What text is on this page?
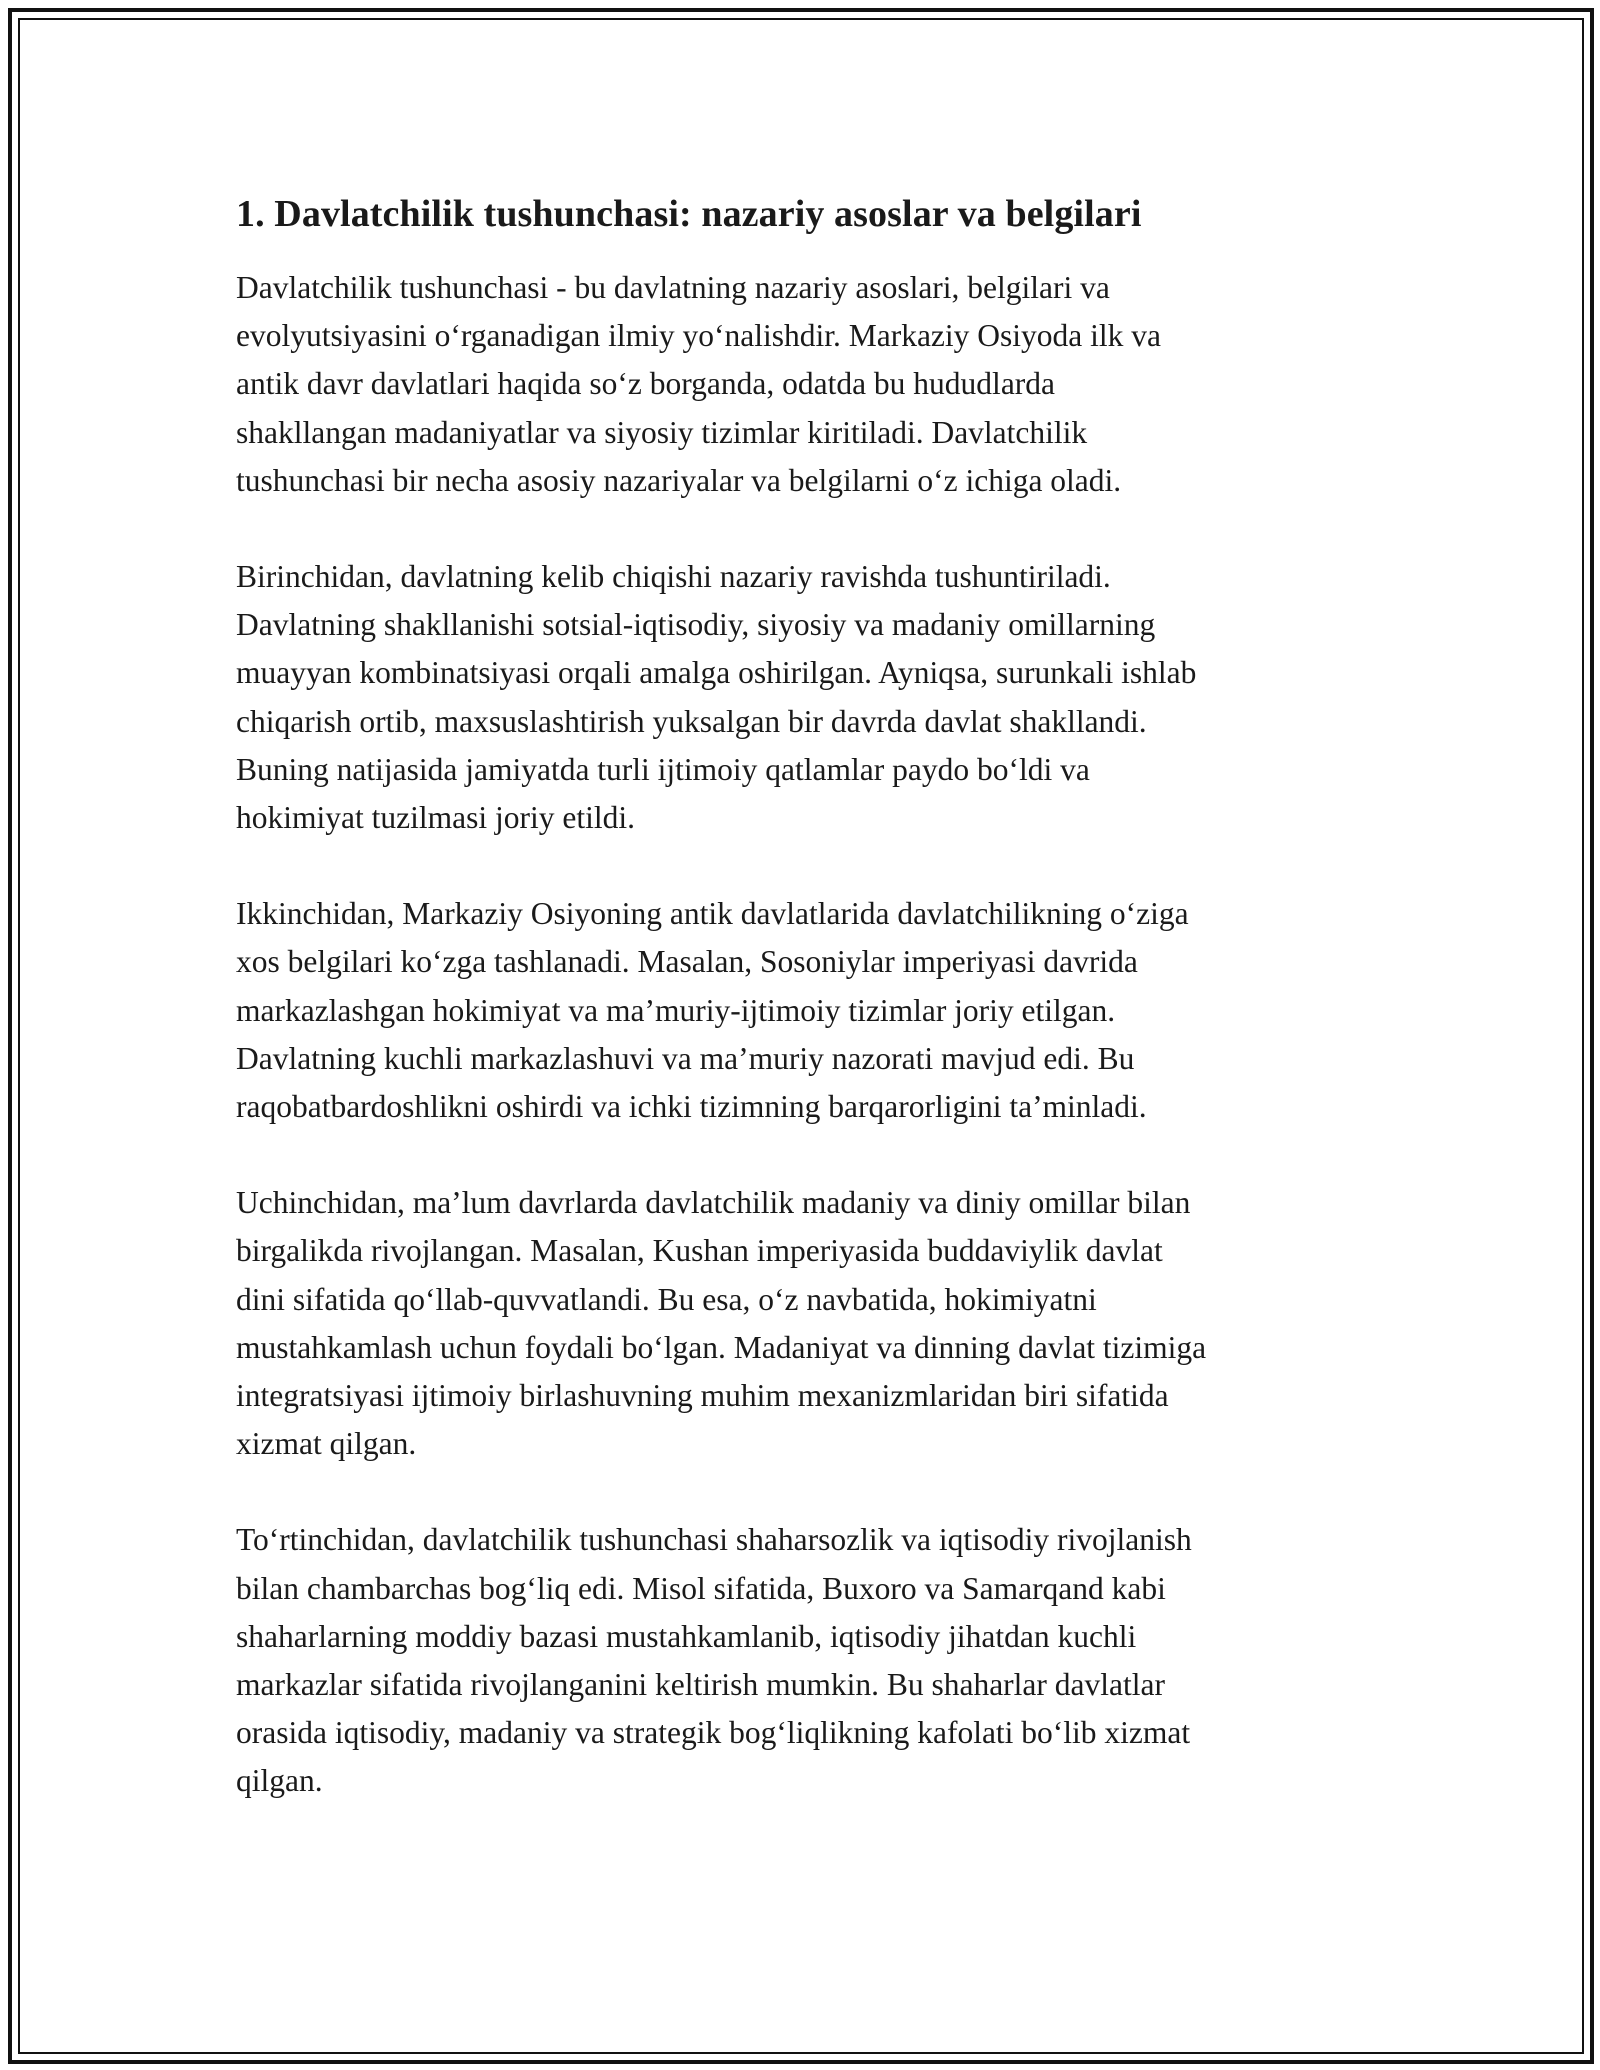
1. Davlatchilik tushunchasi: nazariy asoslar va belgilari

Davlatchilik tushunchasi - bu davlatning nazariy asoslari, belgilari va
evolyutsiyasini o‘rganadigan ilmiy yo‘nalishdir. Markaziy Osiyoda ilk va
antik davr davlatlari haqida so‘z borganda, odatda bu hududlarda
shakllangan madaniyatlar va siyosiy tizimlar kiritiladi. Davlatchilik
tushunchasi bir necha asosiy nazariyalar va belgilarni o‘z ichiga oladi.

Birinchidan, davlatning kelib chiqishi nazariy ravishda tushuntiriladi.
Davlatning shakllanishi sotsial-iqtisodiy, siyosiy va madaniy omillarning
muayyan kombinatsiyasi orqali amalga oshirilgan. Ayniqsa, surunkali ishlab
chiqarish ortib, maxsuslashtirish yuksalgan bir davrda davlat shakllandi.
Buning natijasida jamiyatda turli ijtimoiy qatlamlar paydo bo‘ldi va
hokimiyat tuzilmasi joriy etildi.

Ikkinchidan, Markaziy Osiyoning antik davlatlarida davlatchilikning o‘ziga
xos belgilari ko‘zga tashlanadi. Masalan, Sosoniylar imperiyasi davrida
markazlashgan hokimiyat va ma’muriy-ijtimoiy tizimlar joriy etilgan.
Davlatning kuchli markazlashuvi va ma’muriy nazorati mavjud edi. Bu
raqobatbardoshlikni oshirdi va ichki tizimning barqarorligini ta’minladi.

Uchinchidan, ma’lum davrlarda davlatchilik madaniy va diniy omillar bilan
birgalikda rivojlangan. Masalan, Kushan imperiyasida buddaviylik davlat
dini sifatida qo‘llab-quvvatlandi. Bu esa, o‘z navbatida, hokimiyatni
mustahkamlash uchun foydali bo‘lgan. Madaniyat va dinning davlat tizimiga
integratsiyasi ijtimoiy birlashuvning muhim mexanizmlaridan biri sifatida
xizmat qilgan.

To‘rtinchidan, davlatchilik tushunchasi shaharsozlik va iqtisodiy rivojlanish
bilan chambarchas bog‘liq edi. Misol sifatida, Buxoro va Samarqand kabi
shaharlarning moddiy bazasi mustahkamlanib, iqtisodiy jihatdan kuchli
markazlar sifatida rivojlanganini keltirish mumkin. Bu shaharlar davlatlar
orasida iqtisodiy, madaniy va strategik bog‘liqlikning kafolati bo‘lib xizmat
qilgan.
